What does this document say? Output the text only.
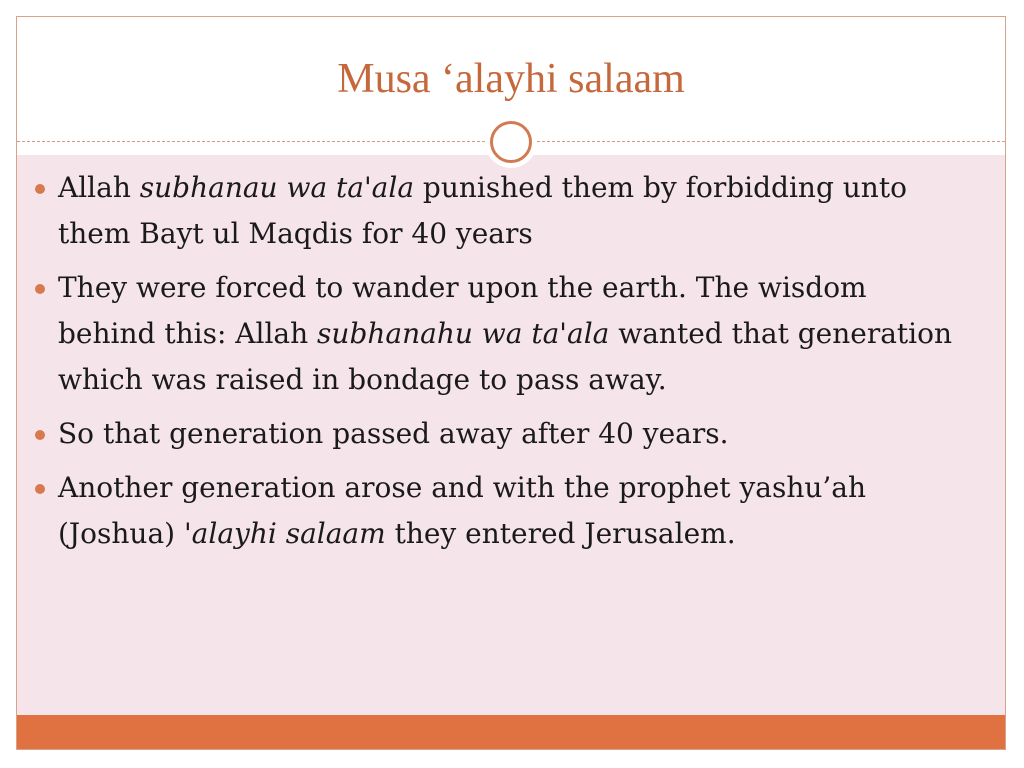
Musa ‘alayhi salaam
Allah subhanau wa ta'ala punished them by forbidding unto them Bayt ul Maqdis for 40 years
They were forced to wander upon the earth. The wisdom behind this: Allah subhanahu wa ta'ala wanted that generation which was raised in bondage to pass away.
So that generation passed away after 40 years.
Another generation arose and with the prophet yashu’ah (Joshua) 'alayhi salaam they entered Jerusalem.
